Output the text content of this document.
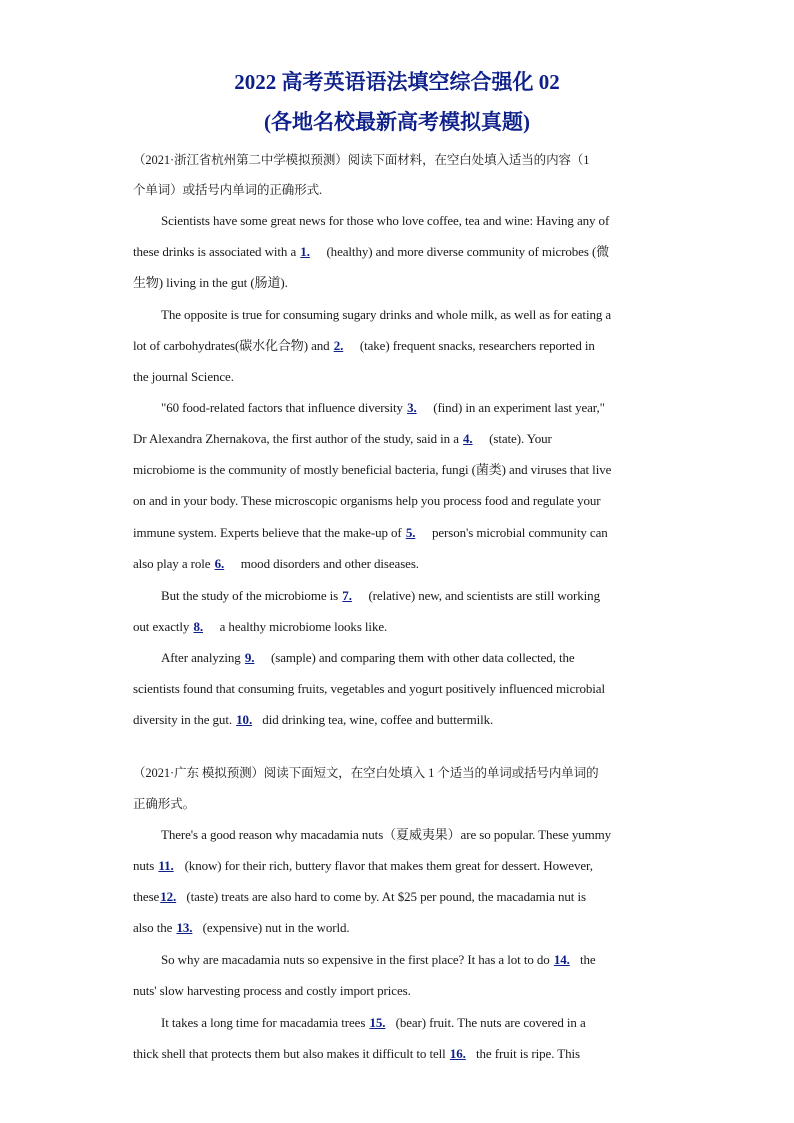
2022 高考英语语法填空综合强化 02
(各地名校最新高考模拟真题)
（2021·浙江省杭州第二中学模拟预测）阅读下面材料，在空白处填入适当的内容（1
个单词）或括号内单词的正确形式.
Scientists have some great news for those who love coffee, tea and wine: Having any of
these drinks is associated with a 1. (healthy) and more diverse community of microbes (微
生物) living in the gut (肠道).
The opposite is true for consuming sugary drinks and whole milk, as well as for eating a
lot of carbohydrates(碳水化合物) and 2. (take) frequent snacks, researchers reported in
the journal Science.
"60 food-related factors that influence diversity 3. (find) in an experiment last year,"
Dr Alexandra Zhernakova, the first author of the study, said in a 4. (state). Your
microbiome is the community of mostly beneficial bacteria, fungi (菌类) and viruses that live
on and in your body. These microscopic organisms help you process food and regulate your
immune system. Experts believe that the make-up of 5. person's microbial community can
also play a role 6. mood disorders and other diseases.
But the study of the microbiome is 7. (relative) new, and scientists are still working
out exactly 8. a healthy microbiome looks like.
After analyzing 9. (sample) and comparing them with other data collected, the
scientists found that consuming fruits, vegetables and yogurt positively influenced microbial
diversity in the gut. 10. did drinking tea, wine, coffee and buttermilk.
（2021·广东 模拟预测）阅读下面短文，在空白处填入 1 个适当的单词或括号内单词的
正确形式。
There's a good reason why macadamia nuts（夏威夷果）are so popular. These yummy
nuts 11. (know) for their rich, buttery flavor that makes them great for dessert. However,
these12. (taste) treats are also hard to come by. At $25 per pound, the macadamia nut is
also the 13. (expensive) nut in the world.
So why are macadamia nuts so expensive in the first place? It has a lot to do 14. the
nuts' slow harvesting process and costly import prices.
It takes a long time for macadamia trees 15. (bear) fruit. The nuts are covered in a
thick shell that protects them but also makes it difficult to tell 16. the fruit is ripe. This
